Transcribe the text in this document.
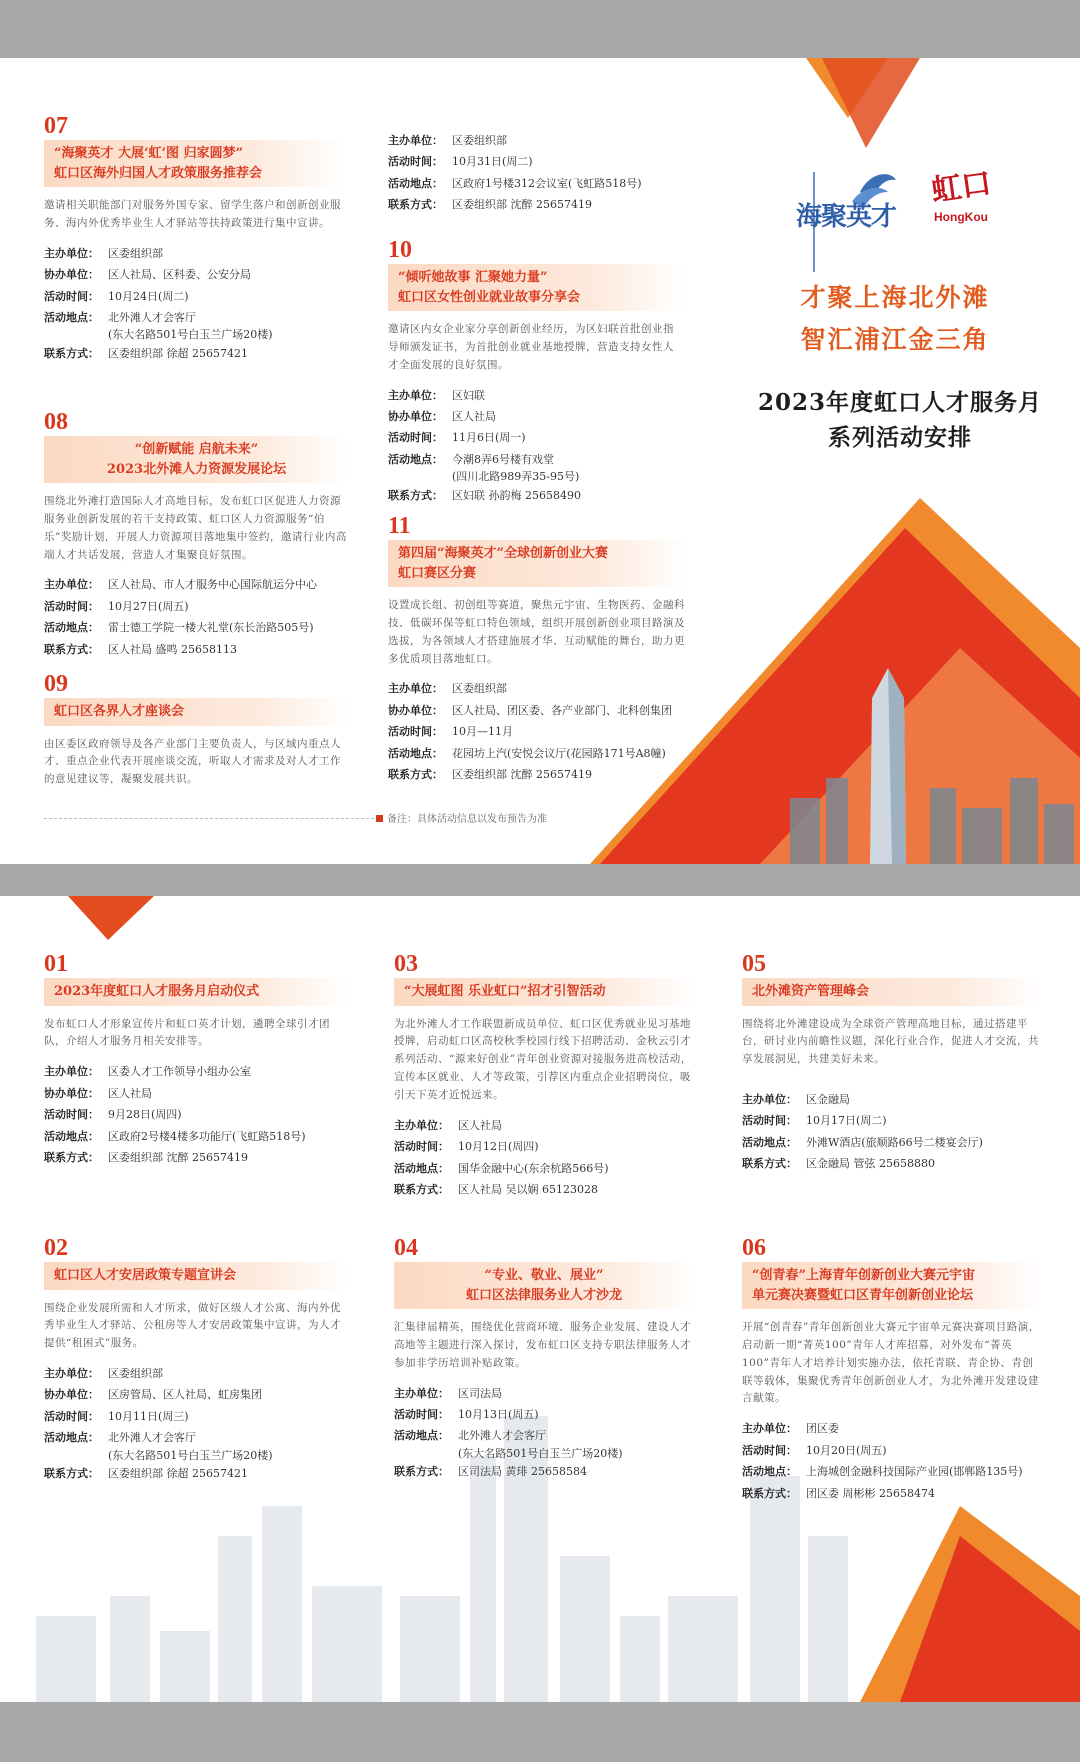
07
“海聚英才 大展‘虹’图 归家圆梦”
虹口区海外归国人才政策服务推荐会
邀请相关职能部门对服务外国专家、留学生落户和创新创业服务、海内外优秀毕业生人才驿站等扶持政策进行集中宣讲。
主办单位： 区委组织部
协办单位： 区人社局、区科委、公安分局
活动时间： 10月24日(周二)
活动地点： 北外滩人才会客厅
(东大名路501号白玉兰广场20楼)
联系方式： 区委组织部 徐超 25657421
08
“创新赋能 启航未来”
2023北外滩人力资源发展论坛
围绕北外滩打造国际人才高地目标，发布虹口区促进人力资源服务业创新发展的若干支持政策、虹口区人力资源服务“伯乐”奖励计划，开展人力资源项目落地集中签约，邀请行业内高端人才共话发展，营造人才集聚良好氛围。
主办单位： 区人社局、市人才服务中心国际航运分中心
活动时间： 10月27日(周五)
活动地点： 雷士德工学院一楼大礼堂(东长治路505号)
联系方式： 区人社局 盛鸣 25658113
09
虹口区各界人才座谈会
由区委区政府领导及各产业部门主要负责人，与区域内重点人才、重点企业代表开展座谈交流，听取人才需求及对人才工作的意见建议等，凝聚发展共识。
主办单位： 区委组织部
活动时间： 10月31日(周二)
活动地点： 区政府1号楼312会议室(飞虹路518号)
联系方式： 区委组织部 沈醉 25657419
10
“倾听她故事 汇聚她力量”
虹口区女性创业就业故事分享会
邀请区内女企业家分享创新创业经历，为区妇联首批创业指导师颁发证书，为首批创业就业基地授牌，营造支持女性人才全面发展的良好氛围。
主办单位： 区妇联
协办单位： 区人社局
活动时间： 11月6日(周一)
活动地点： 今潮8弄6号楼有戏堂
(四川北路989弄35-95号)
联系方式： 区妇联 孙韵梅 25658490
11
第四届“海聚英才”全球创新创业大赛
虹口赛区分赛
设置成长组、初创组等赛道，聚焦元宇宙、生物医药、金融科技、低碳环保等虹口特色领域，组织开展创新创业项目路演及选拔，为各领域人才搭建施展才华、互动赋能的舞台，助力更多优质项目落地虹口。
主办单位： 区委组织部
协办单位： 区人社局、团区委、各产业部门、北科创集团
活动时间： 10月—11月
活动地点： 花园坊上汽(安悦会议厅(花园路171号A8幢)
联系方式： 区委组织部 沈醉 25657419
备注：具体活动信息以发布预告为准
海聚英才
虹口
HongKou
才聚上海北外滩
智汇浦江金三角
2023年度虹口人才服务月
系列活动安排
01
2023年度虹口人才服务月启动仪式
发布虹口人才形象宣传片和虹口英才计划，遴聘全球引才团队，介绍人才服务月相关安排等。
主办单位： 区委人才工作领导小组办公室
协办单位： 区人社局
活动时间： 9月28日(周四)
活动地点： 区政府2号楼4楼多功能厅(飞虹路518号)
联系方式： 区委组织部 沈醉 25657419
02
虹口区人才安居政策专题宣讲会
围绕企业发展所需和人才所求，做好区级人才公寓、海内外优秀毕业生人才驿站、公租房等人才安居政策集中宣讲，为人才提供“租困式”服务。
主办单位： 区委组织部
协办单位： 区房管局、区人社局、虹房集团
活动时间： 10月11日(周三)
活动地点： 北外滩人才会客厅
(东大名路501号白玉兰广场20楼)
联系方式： 区委组织部 徐超 25657421
03
“大展虹图 乐业虹口”招才引智活动
为北外滩人才工作联盟新成员单位、虹口区优秀就业见习基地授牌，启动虹口区高校秋季校园行线下招聘活动、金秋云引才系列活动、“源来好创业”青年创业资源对接服务进高校活动，宣传本区就业、人才等政策，引荐区内重点企业招聘岗位，吸引天下英才近悦远来。
主办单位： 区人社局
活动时间： 10月12日(周四)
活动地点： 国华金融中心(东余杭路566号)
联系方式： 区人社局 吴以娴 65123028
04
“专业、敬业、展业”
虹口区法律服务业人才沙龙
汇集律届精英，围绕优化营商环境、服务企业发展、建设人才高地等主题进行深入探讨，发布虹口区支持专职法律服务人才参加非学历培训补贴政策。
主办单位： 区司法局
活动时间： 10月13日(周五)
活动地点： 北外滩人才会客厅
(东大名路501号白玉兰广场20楼)
联系方式： 区司法局 黄琲 25658584
05
北外滩资产管理峰会
围绕将北外滩建设成为全球资产管理高地目标，通过搭建平台，研讨业内前瞻性议题，深化行业合作，促进人才交流，共享发展洞见，共建美好未来。
主办单位： 区金融局
活动时间： 10月17日(周二)
活动地点： 外滩W酒店(旅顺路66号二楼宴会厅)
联系方式： 区金融局 管弦 25658880
06
“创青春”上海青年创新创业大赛元宇宙
单元赛决赛暨虹口区青年创新创业论坛
开展“创青春”青年创新创业大赛元宇宙单元赛决赛项目路演，启动新一期“菁英100”青年人才库招募，对外发布“菁英100”青年人才培养计划实施办法，依托青联、青企协、青创联等载体，集聚优秀青年创新创业人才，为北外滩开发建设建言献策。
主办单位： 团区委
活动时间： 10月20日(周五)
活动地点： 上海城创金融科技国际产业园(邯郸路135号)
联系方式： 团区委 周彬彬 25658474
